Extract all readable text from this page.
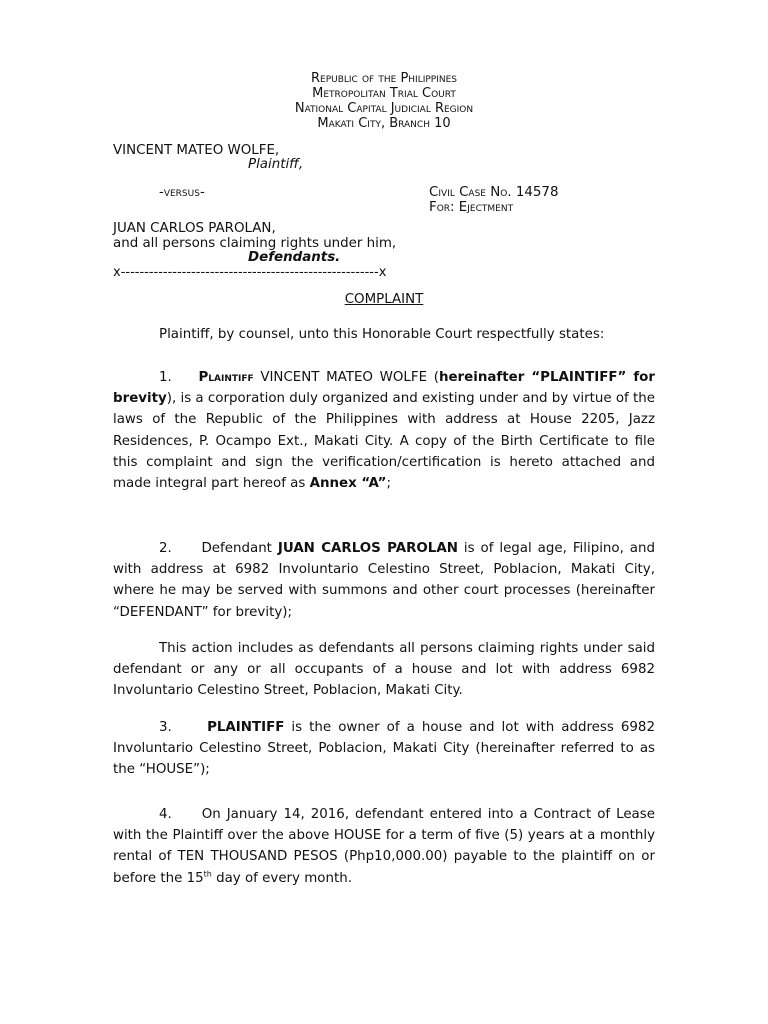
Republic of the Philippines
Metropolitan Trial Court
National Capital Judicial Region
Makati City, Branch 10
VINCENT MATEO WOLFE,
Plaintiff,
-versus-	Civil Case No. 14578
For: Ejectment
JUAN CARLOS PAROLAN,
and all persons claiming rights under him,
Defendants.
x-------------------------------------------------------x
COMPLAINT

Plaintiff, by counsel, unto this Honorable Court respectfully states:

1. Plaintiff VINCENT MATEO WOLFE (hereinafter “PLAINTIFF” for brevity), is a corporation duly organized and existing under and by virtue of the laws of the Republic of the Philippines with address at House 2205, Jazz Residences, P. Ocampo Ext., Makati City. A copy of the Birth Certificate to file this complaint and sign the verification/certification is hereto attached and made integral part hereof as Annex “A”;

2. Defendant JUAN CARLOS PAROLAN is of legal age, Filipino, and with address at 6982 Involuntario Celestino Street, Poblacion, Makati City, where he may be served with summons and other court processes (hereinafter “DEFENDANT” for brevity);

This action includes as defendants all persons claiming rights under said defendant or any or all occupants of a house and lot with address 6982 Involuntario Celestino Street, Poblacion, Makati City.

3.	PLAINTIFF is the owner of a house and lot with address 6982 Involuntario Celestino Street, Poblacion, Makati City (hereinafter referred to as the “HOUSE”);

4. On January 14, 2016, defendant entered into a Contract of Lease with the Plaintiff over the above HOUSE for a term of five (5) years at a monthly rental of TEN THOUSAND PESOS (Php10,000.00) payable to the plaintiff on or before the 15th day of every month.
